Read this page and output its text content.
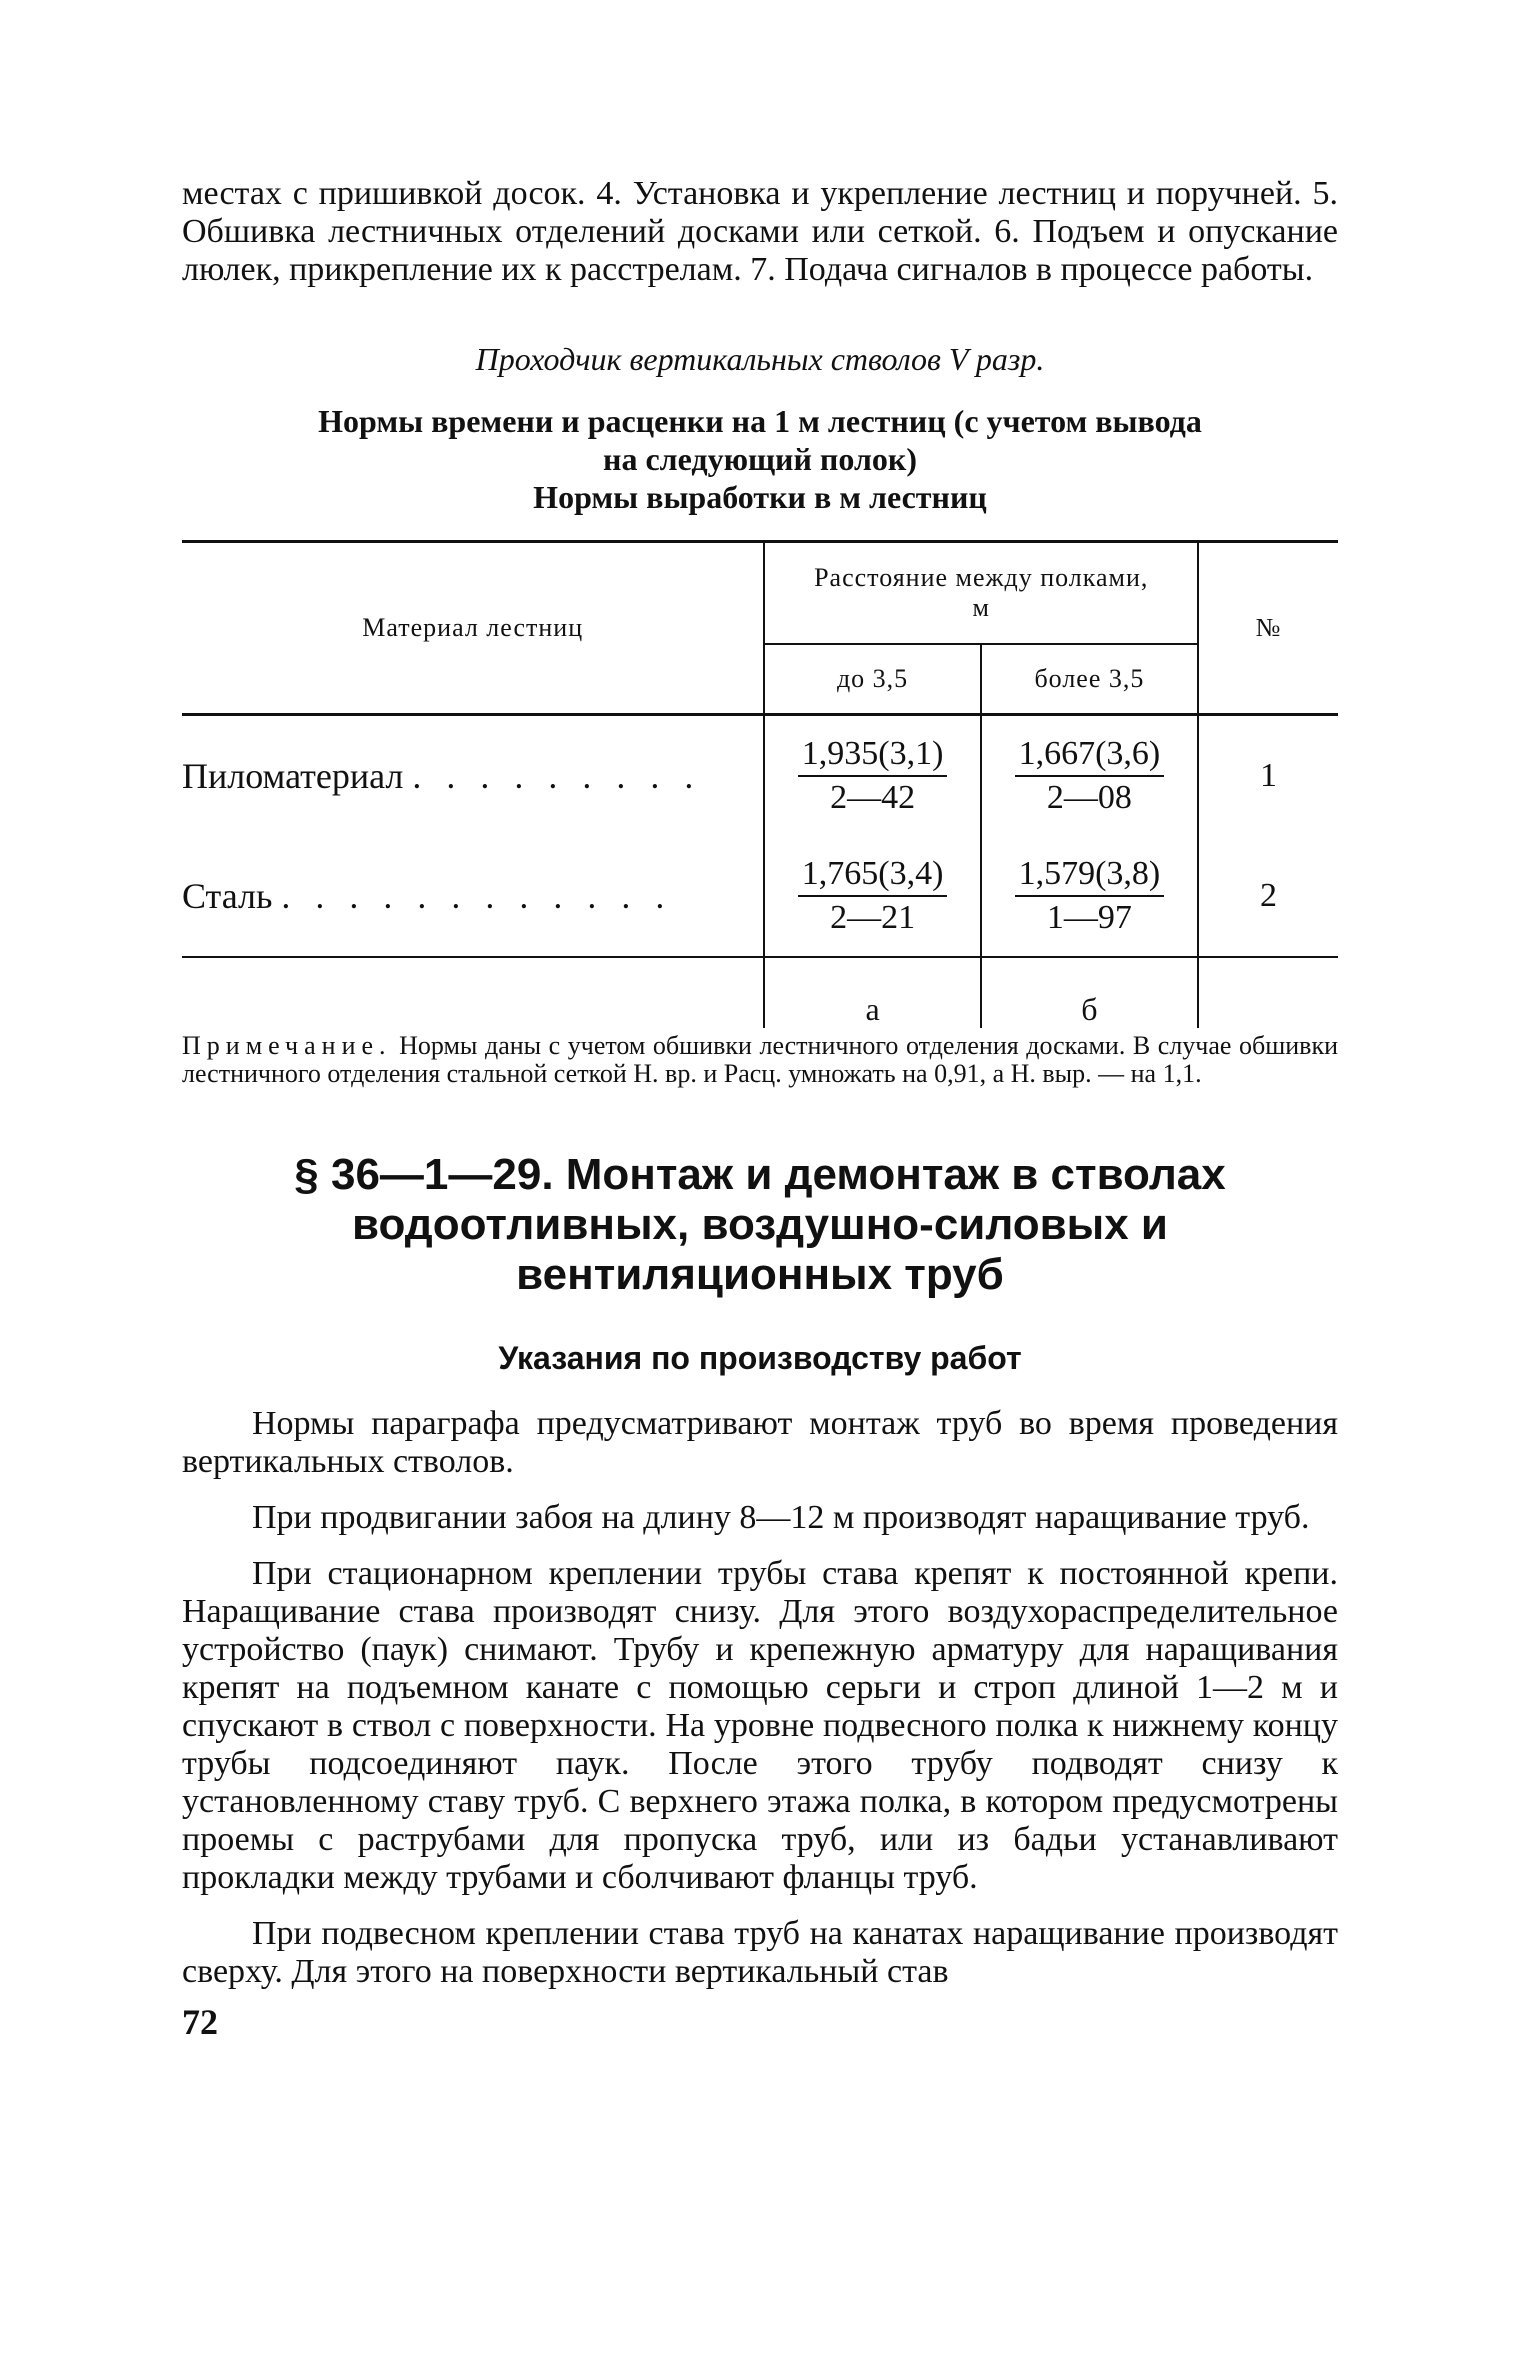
местах с пришивкой досок. 4. Установка и укрепление лестниц и поручней. 5. Обшивка лестничных отделений досками или сеткой. 6. Подъем и опускание люлек, прикрепление их к расстрелам. 7. Подача сигналов в процессе работы.

Проходчик вертикальных стволов V разр.

Нормы времени и расценки на 1 м лестниц (с учетом вывода

на следующий полок)

Нормы выработки в м лестниц

Материал лестниц	Расстояние между полками, м		№
	до 3,5	более 3,5	
Пиломатериал . . . . . . . . .	$\frac{1,935(3,1)}{2—42}$	$\frac{1,667(3,6)}{2—08}$	1
Сталь . . . . . . . . . . . .	$\frac{1,765(3,4)}{2—21}$	$\frac{1,579(3,8)}{1—97}$	2
	а	б	

Примечание. Нормы даны с учетом обшивки лестничного отделения досками. В случае обшивки лестничного отделения стальной сеткой Н. вр. и Расц. умножать на 0,91, а Н. выр. — на 1,1.

§ 36—1—29. Монтаж и демонтаж в стволах водоотливных, воздушно-силовых и вентиляционных труб
Указания по производству работ

Нормы параграфа предусматривают монтаж труб во время проведения вертикальных стволов.

При продвигании забоя на длину 8—12 м производят наращивание труб.

При стационарном креплении трубы става крепят к постоянной крепи. Наращивание става производят снизу. Для этого воздухораспределительное устройство (паук) снимают. Трубу и крепежную арматуру для наращивания крепят на подъемном канате с помощью серьги и строп длиной 1—2 м и спускают в ствол с поверхности. На уровне подвесного полка к нижнему концу трубы подсоединяют паук. После этого трубу подводят снизу к установленному ставу труб. С верхнего этажа полка, в котором предусмотрены проемы с раструбами для пропуска труб, или из бадьи устанавливают прокладки между трубами и сболчивают фланцы труб.

При подвесном креплении става труб на канатах наращивание производят сверху. Для этого на поверхности вертикальный став

72
